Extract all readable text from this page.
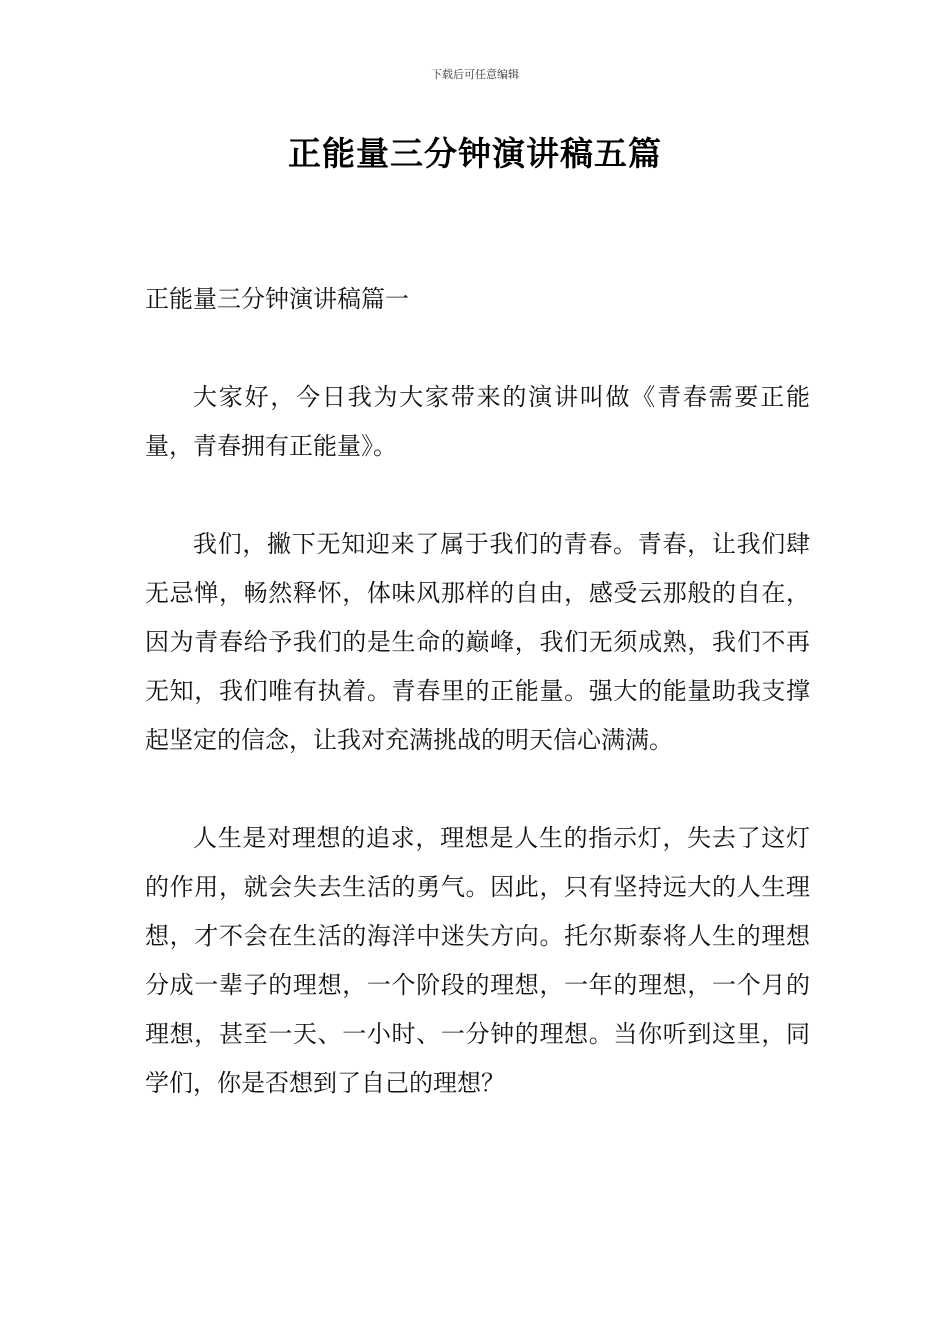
下载后可任意编辑
正能量三分钟演讲稿五篇

正能量三分钟演讲稿篇一

大家好，今日我为大家带来的演讲叫做《青春需要正能量，青春拥有正能量》。

我们，撇下无知迎来了属于我们的青春。青春，让我们肆无忌惮，畅然释怀，体味风那样的自由，感受云那般的自在，因为青春给予我们的是生命的巅峰，我们无须成熟，我们不再无知，我们唯有执着。青春里的正能量。强大的能量助我支撑起坚定的信念，让我对充满挑战的明天信心满满。

人生是对理想的追求，理想是人生的指示灯，失去了这灯的作用，就会失去生活的勇气。因此，只有坚持远大的人生理想，才不会在生活的海洋中迷失方向。托尔斯泰将人生的理想分成一辈子的理想，一个阶段的理想，一年的理想，一个月的理想，甚至一天、一小时、一分钟的理想。当你听到这里，同学们，你是否想到了自己的理想？
